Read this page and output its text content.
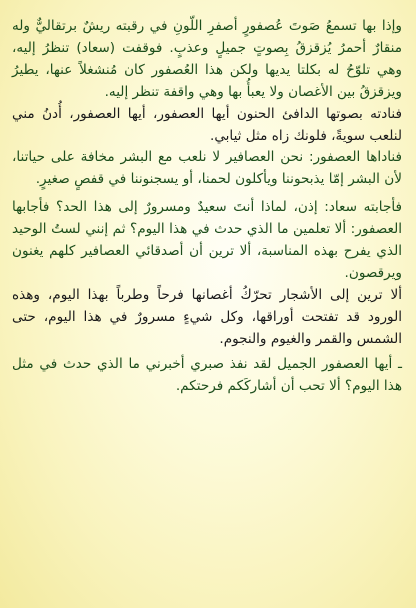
وإذا بها تسمعُ صَوتَ عُصفورٍ أصفرِ اللّونِ في رقبته ريشٌ برتقاليٌّ وله منقارٌ أحمرُ يُزقزقُ بِصوتٍ جميلٍ وعذبٍ. فوقفت (سعاد) تنظرُ إليه، وهي تلوّحُ له بكلتا يديها ولكن هذا العُصفور كان مُنشغلاً عنها، يطيرُ ويزقزقُ بين الأغصان ولا يعبأُ بها وهي واقفة تنظر إليه.

فنادته بصوتها الدافئ الحنون أيها العصفور، أيها العصفور، أُدنُ مني لنلعب سويةً، فلونك زاه مثل ثيابي.

فناداها العصفور: نحن العصافير لا نلعب مع البشر مخافة على حياتنا، لأن البشر إمّا يذبحوننا ويأكلون لحمنا، أو يسجنوننا في قفصٍ صغيرٍ.

فأجابته سعاد: إذن، لماذا أنتَ سعيدٌ ومسرورٌ إلى هذا الحد؟ فأجابها العصفور: ألا تعلمين ما الذي حدث في هذا اليوم؟ ثم إنني لستُ الوحيد الذي يفرح بهذه المناسبة، ألا ترين أن أصدقائي العصافير كلهم يغنون ويرقصون.

ألا ترين إلى الأشجار تحرّكُ أغصانها فرحاً وطرباً بهذا اليوم، وهذه الورود قد تفتحت أوراقها، وكل شيءٍ مسرورٌ في هذا اليوم، حتى الشمس والقمر والغيوم والنجوم.

ـ أيها العصفور الجميل لقد نفذ صبري أخبرني ما الذي حدث في مثل هذا اليوم؟ ألا تحب أن أشاركَكم فرحتكم.
